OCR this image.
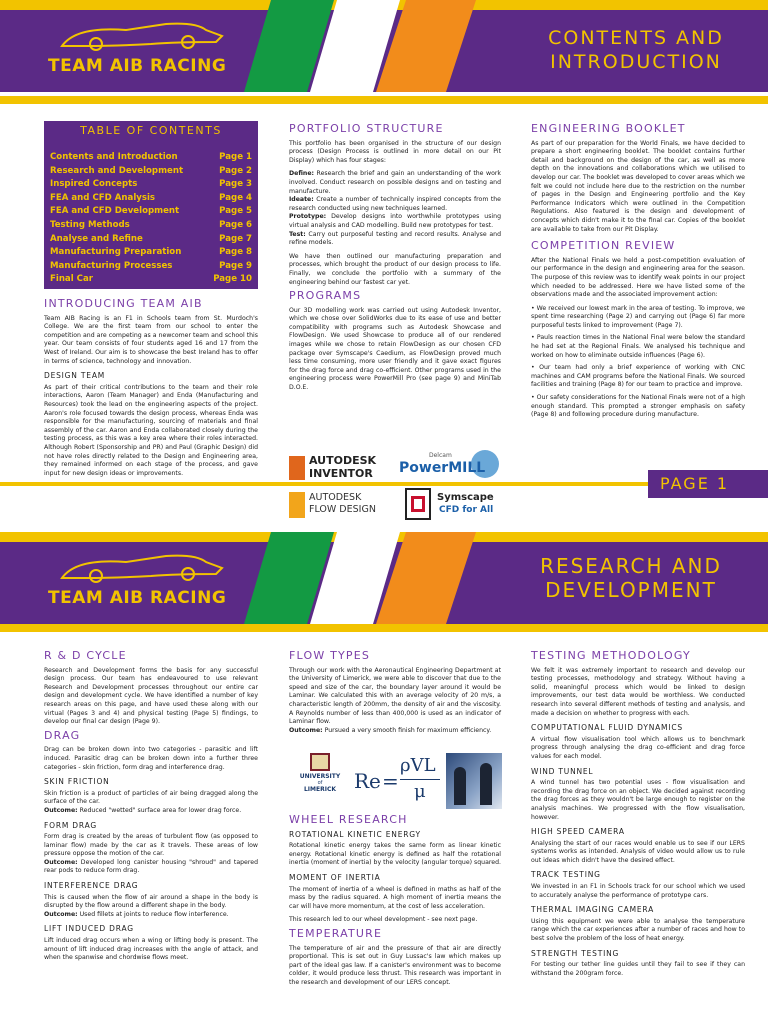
TEAM AIB RACING
CONTENTS AND
INTRODUCTION
TABLE OF CONTENTS
Contents and Introduction	Page 1
Research and Development	Page 2
Inspired Concepts	Page 3
FEA and CFD Analysis	Page 4
FEA and CFD Development	Page 5
Testing Methods	Page 6
Analyse and Refine	Page 7
Manufacturing Preparation	Page 8
Manufacturing Processes	Page 9
Final Car	Page 10
INTRODUCING TEAM AIB

Team AIB Racing is an F1 in Schools team from St. Murdoch's College. We are the first team from our school to enter the competition and are competing as a newcomer team and school this year. Our team consists of four students aged 16 and 17 from the West of Ireland. Our aim is to showcase the best Ireland has to offer in terms of science, technology and innovation.

DESIGN TEAM

As part of their critical contributions to the team and their role interactions, Aaron (Team Manager) and Enda (Manufacturing and Resources) took the lead on the engineering aspects of the project. Aaron's role focused towards the design process, whereas Enda was responsible for the manufacturing, sourcing of materials and final assembly of the car. Aaron and Enda collaborated closely during the testing process, as this was a key area where their roles interacted. Although Robert (Sponsorship and PR) and Paul (Graphic Design) did not have roles directly related to the Design and Engineering area, they remained informed on each stage of the process, and gave input for new design ideas or improvements.

PORTFOLIO STRUCTURE

This portfolio has been organised in the structure of our design process (Design Process is outlined in more detail on our Pit Display) which has four stages:

Define: Research the brief and gain an understanding of the work involved. Conduct research on possible designs and on testing and manufacture.
Ideate: Create a number of technically inspired concepts from the research conducted using new techniques learned.
Prototype: Develop designs into worthwhile prototypes using virtual analysis and CAD modelling. Build new prototypes for test.
Test: Carry out purposeful testing and record results. Analyse and refine models.

We have then outlined our manufacturing preparation and processes, which brought the product of our design process to life. Finally, we conclude the portfolio with a summary of the engineering behind our fastest car yet.

PROGRAMS

Our 3D modelling work was carried out using Autodesk Inventor, which we chose over SolidWorks due to its ease of use and better compatibility with programs such as Autodesk Showcase and FlowDesign. We used Showcase to produce all of our rendered images while we chose to retain FlowDesign as our chosen CFD package over Symscape's Caedium, as FlowDesign proved much less time consuming, more user friendly and it gave exact figures for the drag force and drag co-efficient. Other programs used in the engineering process were PowerMill Pro (see page 9) and MiniTab D.O.E.

AUTODESK
INVENTOR
Delcam
PowerMILL
AUTODESK
FLOW DESIGN
Symscape
CFD for All
ENGINEERING BOOKLET

As part of our preparation for the World Finals, we have decided to prepare a short engineering booklet. The booklet contains further detail and background on the design of the car, as well as more depth on the innovations and collaborations which we utilised to develop our car. The booklet was developed to cover areas which we felt we could not include here due to the restriction on the number of pages in the Design and Engineering portfolio and the Key Performance Indicators which were outlined in the Competition Regulations. Also featured is the design and development of concepts which didn't make it to the final car. Copies of the booklet are available to take from our Pit Display.

COMPETITION REVIEW

After the National Finals we held a post-competition evaluation of our performance in the design and engineering area for the season. The purpose of this review was to identify weak points in our project which needed to be addressed. Here we have listed some of the observations made and the associated improvement action:

• We received our lowest mark in the area of testing. To improve, we spent time researching (Page 2) and carrying out (Page 6) far more purposeful tests linked to improvement (Page 7).
• Pauls reaction times in the National Final were below the standard he had set at the Regional Finals. We analysed his technique and worked on how to eliminate outside influences (Page 6).
• Our team had only a brief experience of working with CNC machines and CAM programs before the National Finals. We sourced facilities and training (Page 8) for our team to practice and improve.
• Our safety considerations for the National Finals were not of a high enough standard. This prompted a stronger emphasis on safety (Page 8) and following procedure during manufacture.
PAGE 1
TEAM AIB RACING
RESEARCH AND
DEVELOPMENT
R & D CYCLE

Research and Development forms the basis for any successful design process. Our team has endeavoured to use relevant Research and Development processes throughout our entire car design and development cycle. We have identified a number of key research areas on this page, and have used these along with our virtual (Pages 3 and 4) and physical testing (Page 5) findings, to develop our final car design (Page 9).

DRAG

Drag can be broken down into two categories - parasitic and lift induced. Parasitic drag can be broken down into a further three categories - skin friction, form drag and interference drag.

SKIN FRICTION

Skin friction is a product of particles of air being dragged along the surface of the car.
Outcome: Reduced "wetted" surface area for lower drag force.

FORM DRAG

Form drag is created by the areas of turbulent flow (as opposed to laminar flow) made by the car as it travels. These areas of low pressure oppose the motion of the car.
Outcome: Developed long canister housing "shroud" and tapered rear pods to reduce form drag.

INTERFERENCE DRAG

This is caused when the flow of air around a shape in the body is disrupted by the flow around a different shape in the body.
Outcome: Used fillets at joints to reduce flow interference.

LIFT INDUCED DRAG

Lift induced drag occurs when a wing or lifting body is present. The amount of lift induced drag increases with the angle of attack, and when the spanwise and chordwise flows meet.

FLOW TYPES

Through our work with the Aeronautical Engineering Department at the University of Limerick, we were able to discover that due to the speed and size of the car, the boundary layer around it would be Laminar. We calculated this with an average velocity of 20 m/s, a characteristic length of 200mm, the density of air and the viscosity. A Reynolds number of less than 400,000 is used as an indicator of Laminar flow.
Outcome: Pursued a very smooth finish for maximum efficiency.

UNIVERSITY
of
LIMERICK Re =
ρVL
μ
WHEEL RESEARCH
ROTATIONAL KINETIC ENERGY

Rotational kinetic energy takes the same form as linear kinetic energy. Rotational kinetic energy is defined as half the rotational inertia (moment of inertia) by the velocity (angular torque) squared.

MOMENT OF INERTIA

The moment of inertia of a wheel is defined in maths as half of the mass by the radius squared. A high moment of inertia means the car will have more momentum, at the cost of less acceleration.

This research led to our wheel development - see next page.

TEMPERATURE

The temperature of air and the pressure of that air are directly proportional. This is set out in Guy Lussac's law which makes up part of the ideal gas law. If a canister's environment was to become colder, it would produce less thrust. This research was important in the research and development of our LERS concept.

TESTING METHODOLOGY

We felt it was extremely important to research and develop our testing processes, methodology and strategy. Without having a solid, meaningful process which would be linked to design improvements, our test data would be worthless. We conducted research into several different methods of testing and analysis, and made a decision on whether to progress with each.

COMPUTATIONAL FLUID DYNAMICS

A virtual flow visualisation tool which allows us to benchmark progress through analysing the drag co-efficient and drag force values for each model.

WIND TUNNEL

A wind tunnel has two potential uses - flow visualisation and recording the drag force on an object. We decided against recording the drag forces as they wouldn't be large enough to register on the analysis machines. We progressed with the flow visualisation, however.

HIGH SPEED CAMERA

Analysing the start of our races would enable us to see if our LERS systems works as intended. Analysis of video would allow us to rule out ideas which didn't have the desired effect.

TRACK TESTING

We invested in an F1 in Schools track for our school which we used to accurately analyse the performance of prototype cars.

THERMAL IMAGING CAMERA

Using this equipment we were able to analyse the temperature range which the car experiences after a number of races and how to best solve the problem of the loss of heat energy.

STRENGTH TESTING

For testing our tether line guides until they fail to see if they can withstand the 200gram force.
